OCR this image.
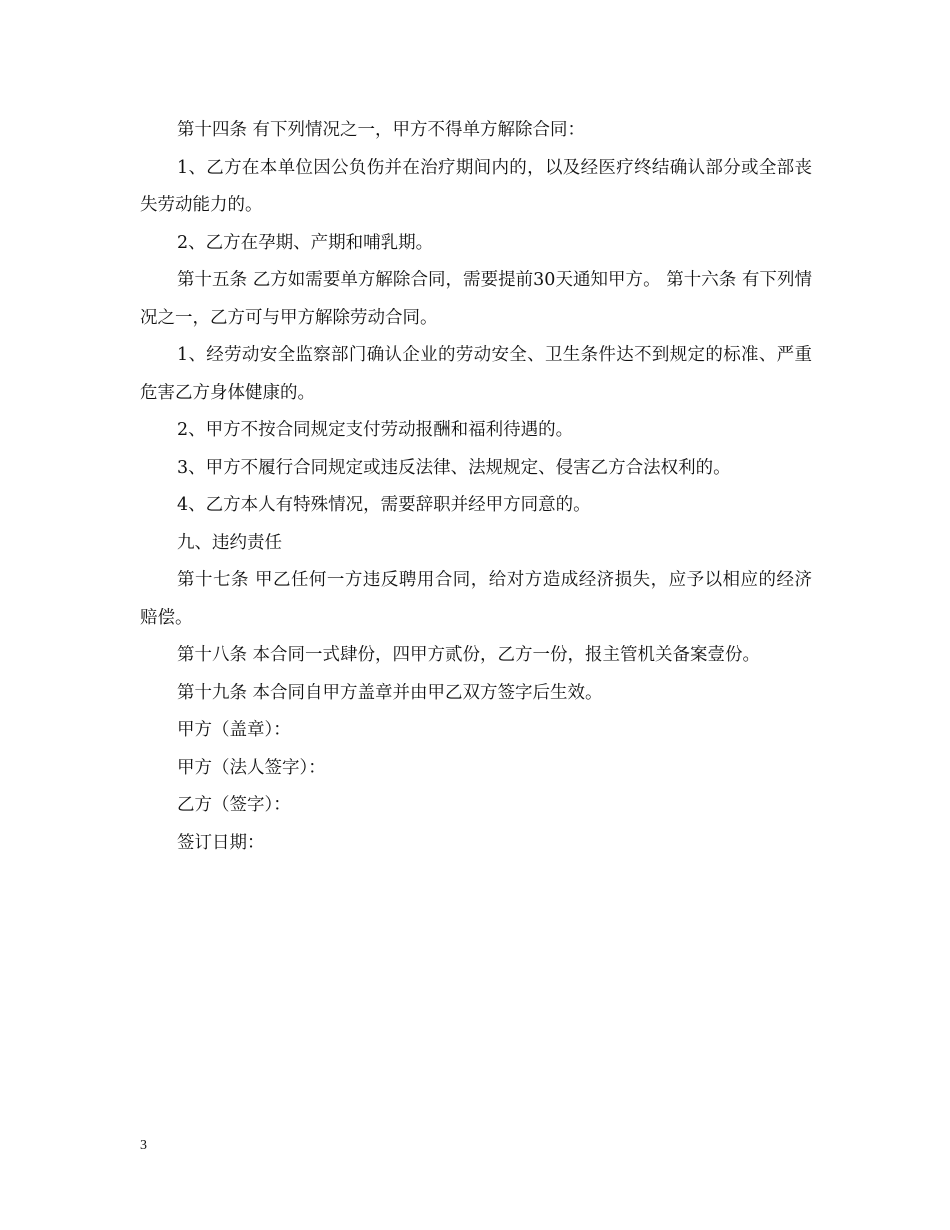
第十四条 有下列情况之一，甲方不得单方解除合同：

1、乙方在本单位因公负伤并在治疗期间内的，以及经医疗终结确认部分或全部丧失劳动能力的。

2、乙方在孕期、产期和哺乳期。

第十五条 乙方如需要单方解除合同，需要提前30天通知甲方。 第十六条 有下列情况之一，乙方可与甲方解除劳动合同。

1、经劳动安全监察部门确认企业的劳动安全、卫生条件达不到规定的标准、严重危害乙方身体健康的。

2、甲方不按合同规定支付劳动报酬和福利待遇的。

3、甲方不履行合同规定或违反法律、法规规定、侵害乙方合法权利的。

4、乙方本人有特殊情况，需要辞职并经甲方同意的。

九、违约责任

第十七条 甲乙任何一方违反聘用合同，给对方造成经济损失，应予以相应的经济赔偿。

第十八条 本合同一式肆份，四甲方贰份，乙方一份，报主管机关备案壹份。

第十九条 本合同自甲方盖章并由甲乙双方签字后生效。

甲方（盖章）：

甲方（法人签字）：

乙方（签字）：

签订日期：

3
